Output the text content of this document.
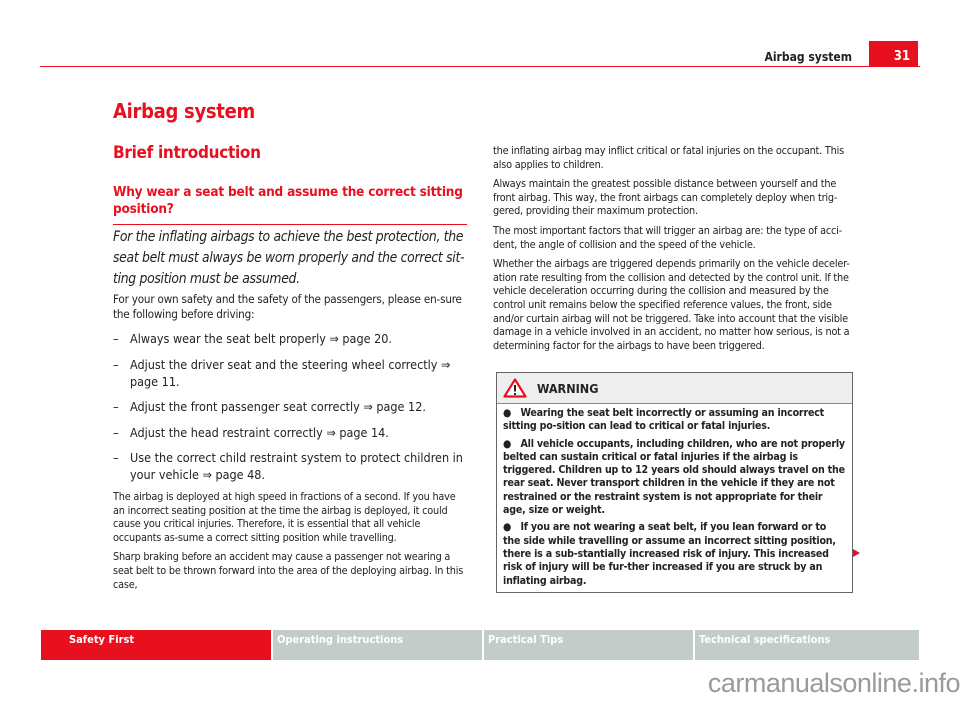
Airbag system	31
Airbag system
Brief introduction
Why wear a seat belt and assume the correct sitting position?
For the inflating airbags to achieve the best protection, the seat belt must always be worn properly and the correct sit-ting position must be assumed.
For your own safety and the safety of the passengers, please en-sure the following before driving:
– Always wear the seat belt properly ⇒ page 20.
– Adjust the driver seat and the steering wheel correctly ⇒ page 11.
– Adjust the front passenger seat correctly ⇒ page 12.
– Adjust the head restraint correctly ⇒ page 14.
– Use the correct child restraint system to protect children in your vehicle ⇒ page 48.

The airbag is deployed at high speed in fractions of a second. If you have an incorrect seating position at the time the airbag is deployed, it could cause you critical injuries. Therefore, it is essential that all vehicle occupants as-sume a correct sitting position while travelling.

Sharp braking before an accident may cause a passenger not wearing a seat belt to be thrown forward into the area of the deploying airbag. In this case,

the inflating airbag may inflict critical or fatal injuries on the occupant. This also applies to children.

Always maintain the greatest possible distance between yourself and the front airbag. This way, the front airbags can completely deploy when trig-gered, providing their maximum protection.

The most important factors that will trigger an airbag are: the type of acci-dent, the angle of collision and the speed of the vehicle.

Whether the airbags are triggered depends primarily on the vehicle deceler-ation rate resulting from the collision and detected by the control unit. If the vehicle deceleration occurring during the collision and measured by the control unit remains below the specified reference values, the front, side and/or curtain airbag will not be triggered. Take into account that the visible damage in a vehicle involved in an accident, no matter how serious, is not a determining factor for the airbags to have been triggered.

WARNING

●   Wearing the seat belt incorrectly or assuming an incorrect sitting po-sition can lead to critical or fatal injuries.

●   All vehicle occupants, including children, who are not properly belted can sustain critical or fatal injuries if the airbag is triggered. Children up to 12 years old should always travel on the rear seat. Never transport children in the vehicle if they are not restrained or the restraint system is not appropriate for their age, size or weight.

●   If you are not wearing a seat belt, if you lean forward or to the side while travelling or assume an incorrect sitting position, there is a sub-stantially increased risk of injury. This increased risk of injury will be fur-ther increased if you are struck by an inflating airbag.

Safety First	Operating instructions	Practical Tips	Technical specifications
carmanualsonline.info
